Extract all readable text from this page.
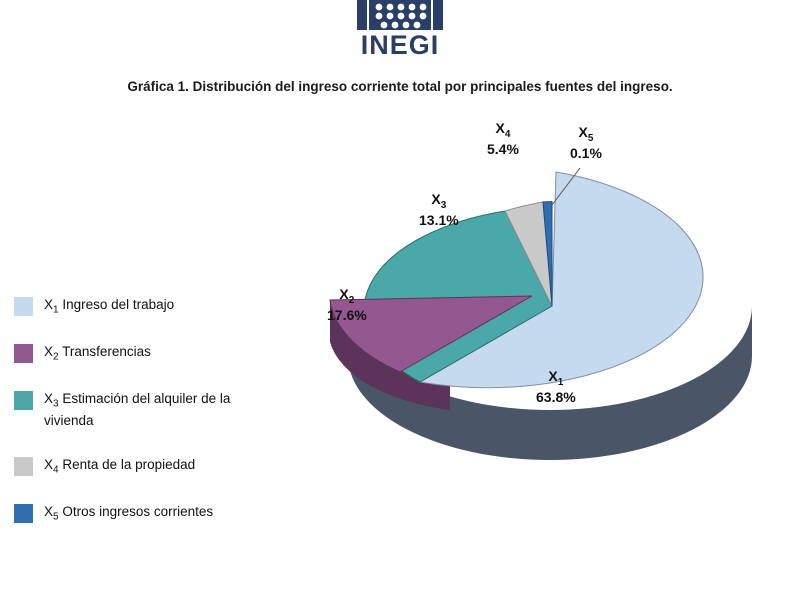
INEGI
Gráfica 1. Distribución del ingreso corriente total por principales fuentes del ingreso.
$X_1$ Ingreso del trabajo
$X_2$ Transferencias
$X_3$ Estimación del alquiler de la vivienda
$X_4$ Renta de la propiedad
$X_5$ Otros ingresos corrientes
$X_1$
63.8%
$X_2$
17.6%
$X_3$
13.1%
$X_4$
5.4%
$X_5$
0.1%
